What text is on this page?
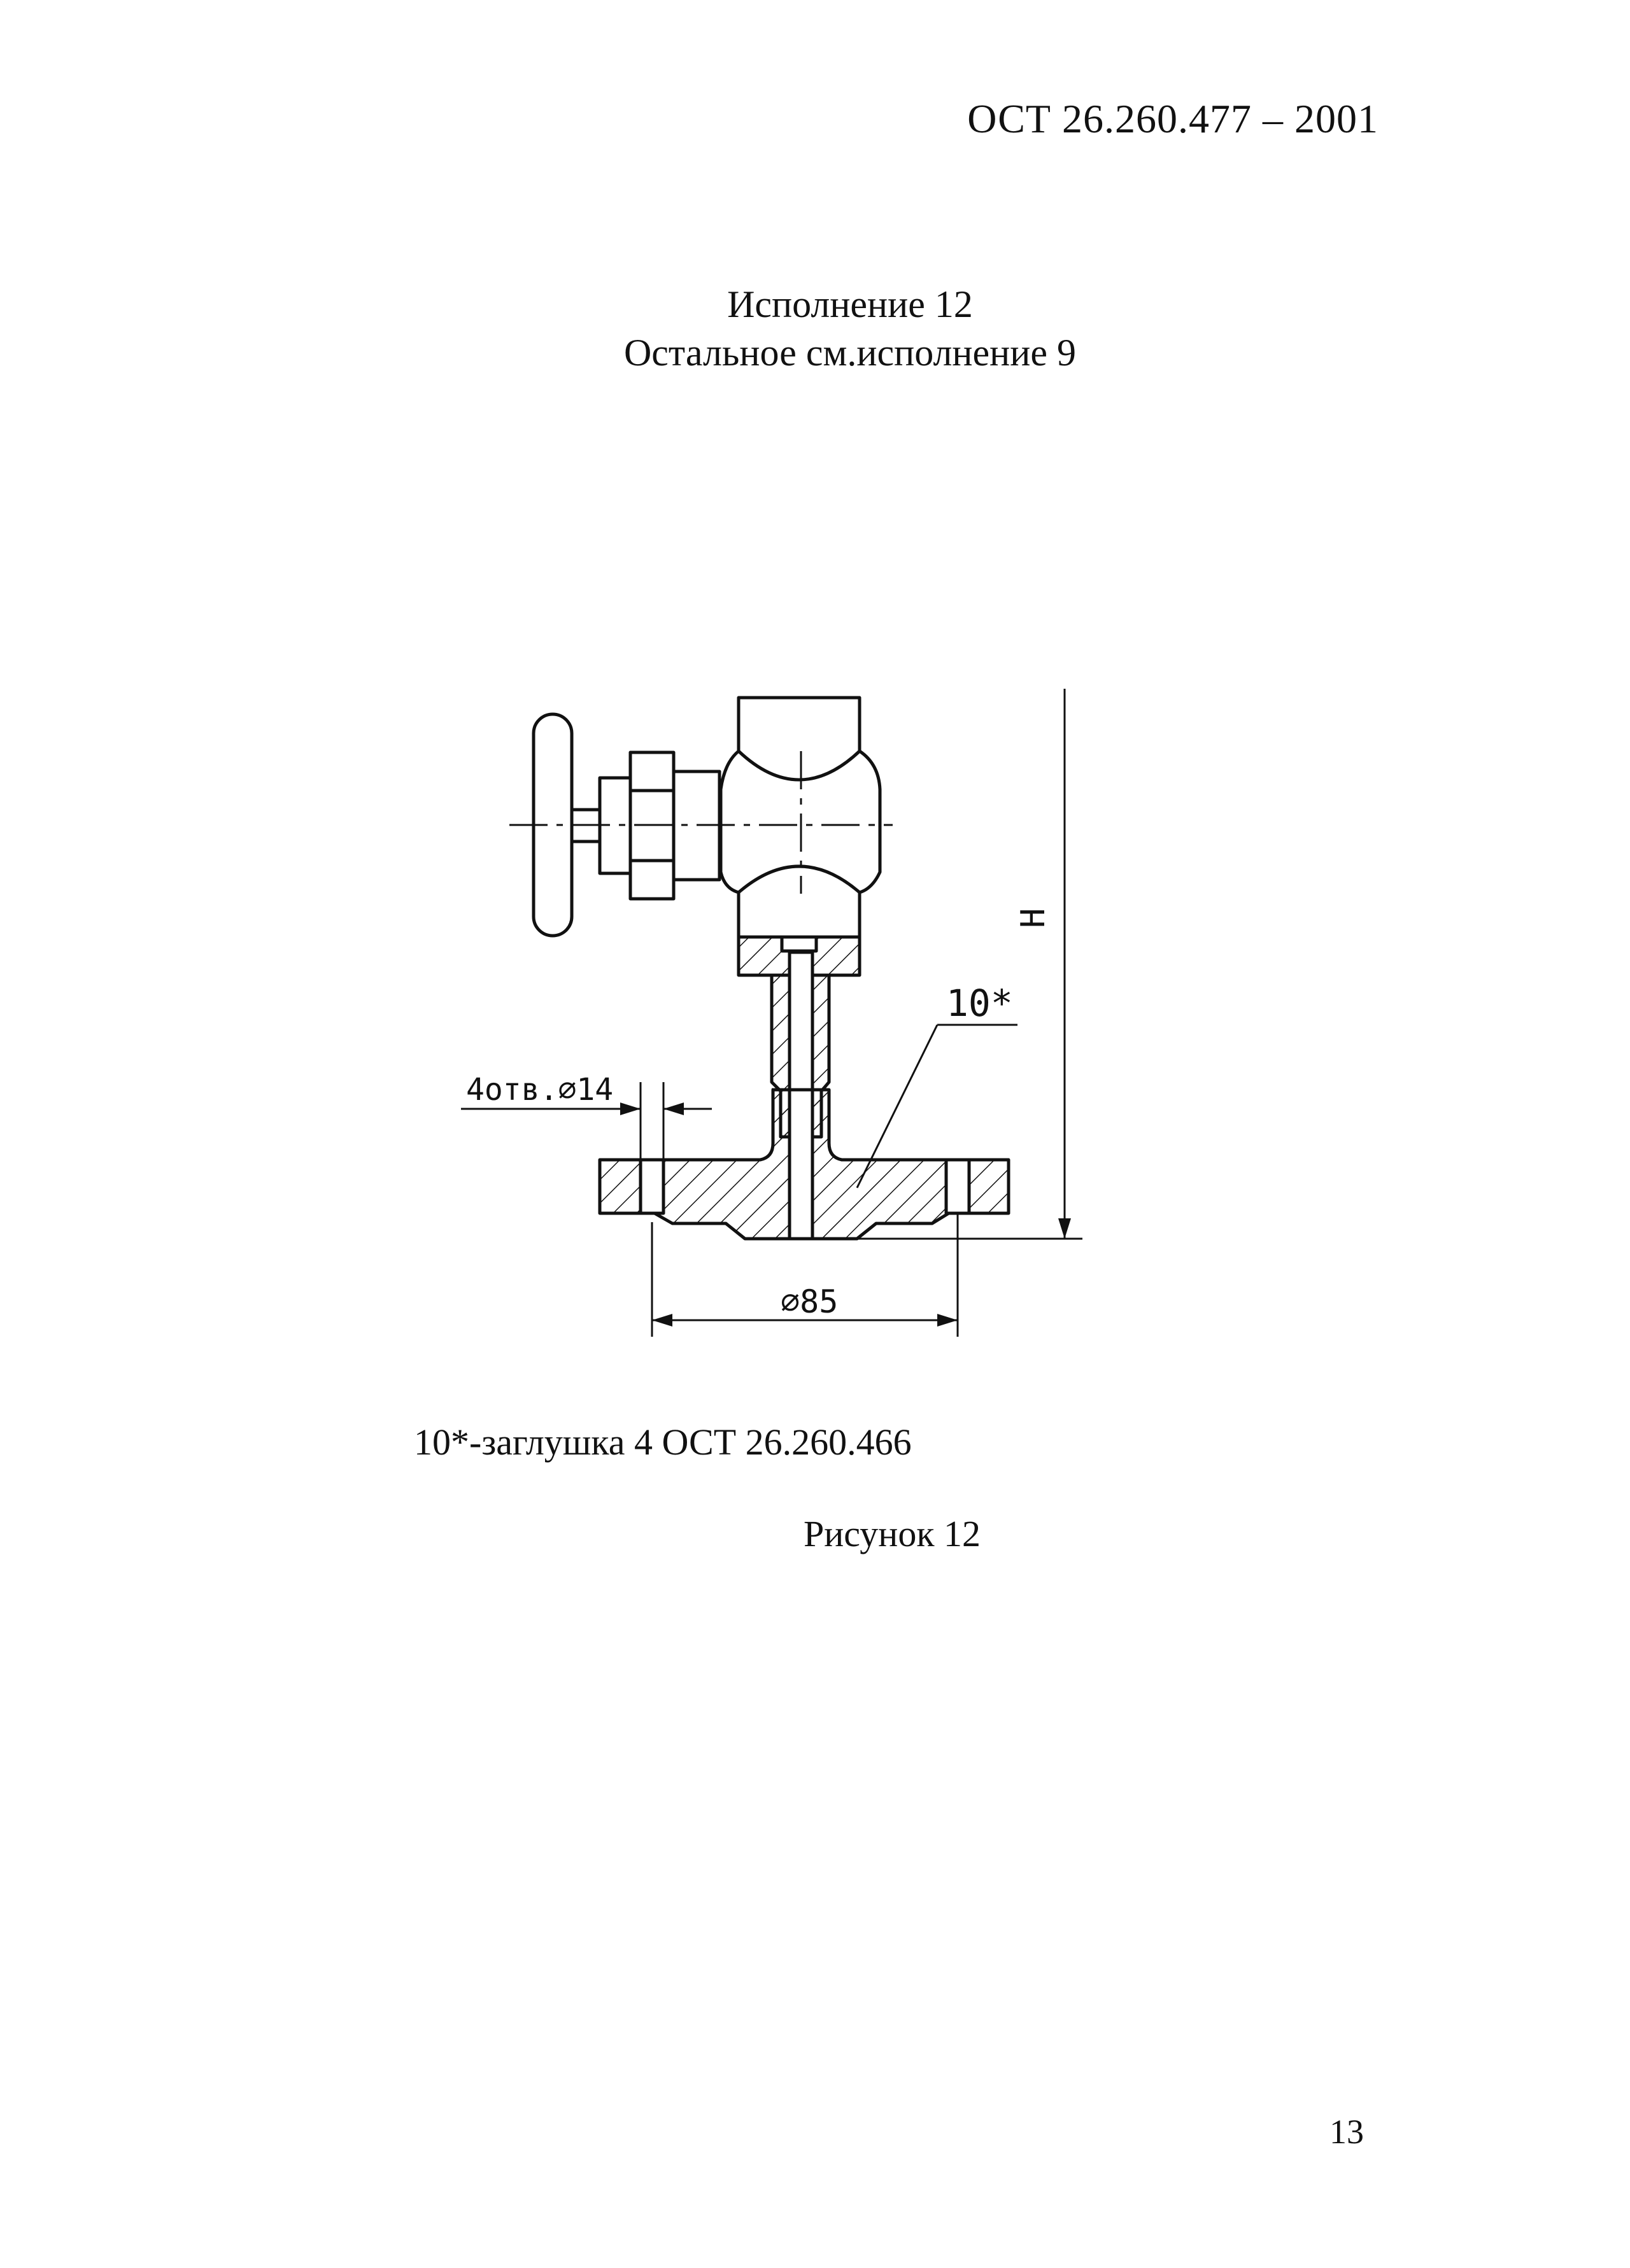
ОСТ 26.260.477 – 2001
Исполнение 12
Остальное см.исполнение 9
10*
4отв.∅14
∅85
H
10*-заглушка 4 ОСТ 26.260.466
Рисунок 12
13
